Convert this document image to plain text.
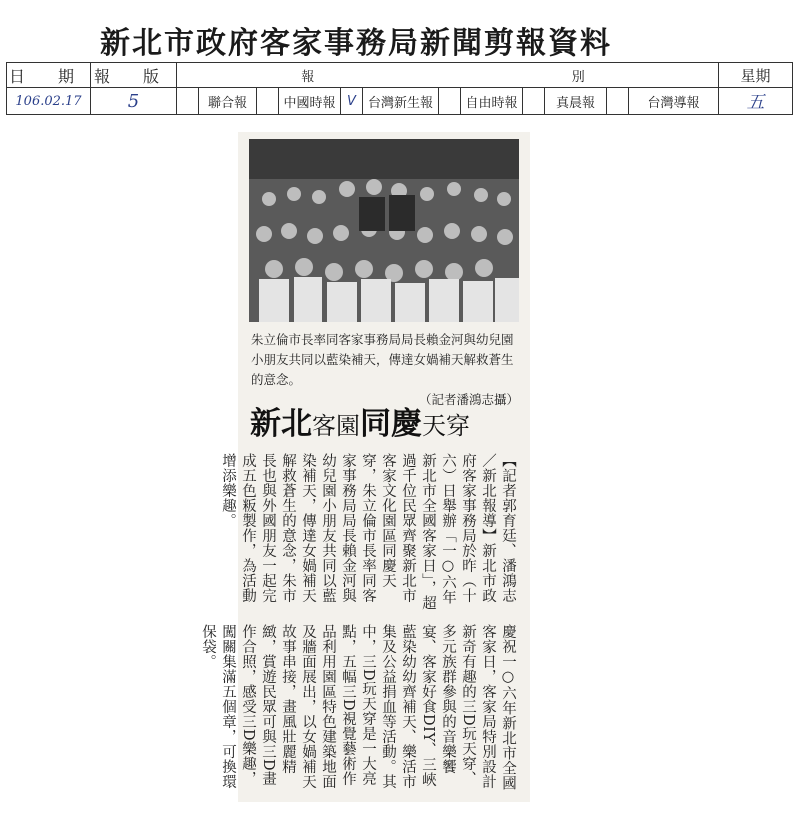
新北市政府客家事務局新聞剪報資料
日 期	報 版	報						別						星期
106.02.17	5		聯合報		中國時報	V	台灣新生報		自由時報		真晨報		台灣導報	五
朱立倫市長率同客家事務局局長賴金河與幼兒園小朋友共同以藍染補天，傳達女媧補天解救蒼生的意念。
（記者潘鴻志攝）
新北客園同慶天穿
【記者郭育廷、潘鴻志／新北報導】新北市政府客家事務局於昨（十六）日舉辦「一○六年新北市全國客家日」，超過千位民眾齊聚新北市客家文化園區同慶天穿，朱立倫市長率同客家事務局局長賴金河與幼兒園小朋友共同以藍染補天，傳達女媧補天解救蒼生的意念，朱市長也與外國朋友一起完成五色粄製作，為活動增添樂趣。
慶祝一○六年新北市全國客家日，客家局特別設計新奇有趣的三D玩天穿、多元族群參與的音樂饗宴、客家好食DIY、三峽藍染幼幼齊補天、樂活市集及公益捐血等活動。其中，三D玩天穿是一大亮點，五幅三D視覺藝術作品利用園區特色建築地面及牆面展出，以女媧補天故事串接，畫風壯麗精緻，賞遊民眾可與三D畫作合照，感受三D樂趣，闖關集滿五個章，可換環保袋。
